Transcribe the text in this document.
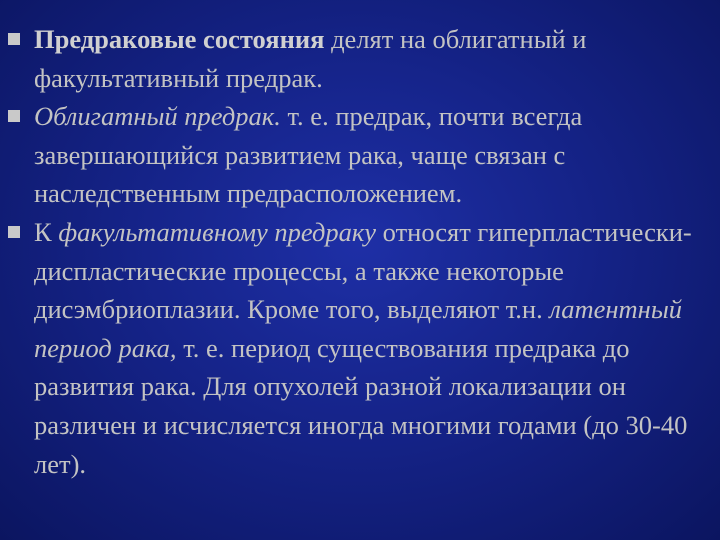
Предраковые состояния делят на облигатный и факультативный предрак.
Облигатный предрак. т. е. предрак, почти всегда завершающийся развитием рака, чаще связан с наследственным предрасположением.
К факультативному предраку относят гиперпластически-диспластические процессы, а также некоторые дисэмбриоплазии. Кроме того, выделяют т.н. латентный период рака, т. е. период существования предрака до развития рака. Для опухолей разной локализации он различен и исчисляется иногда многими годами (до 30-40 лет).
